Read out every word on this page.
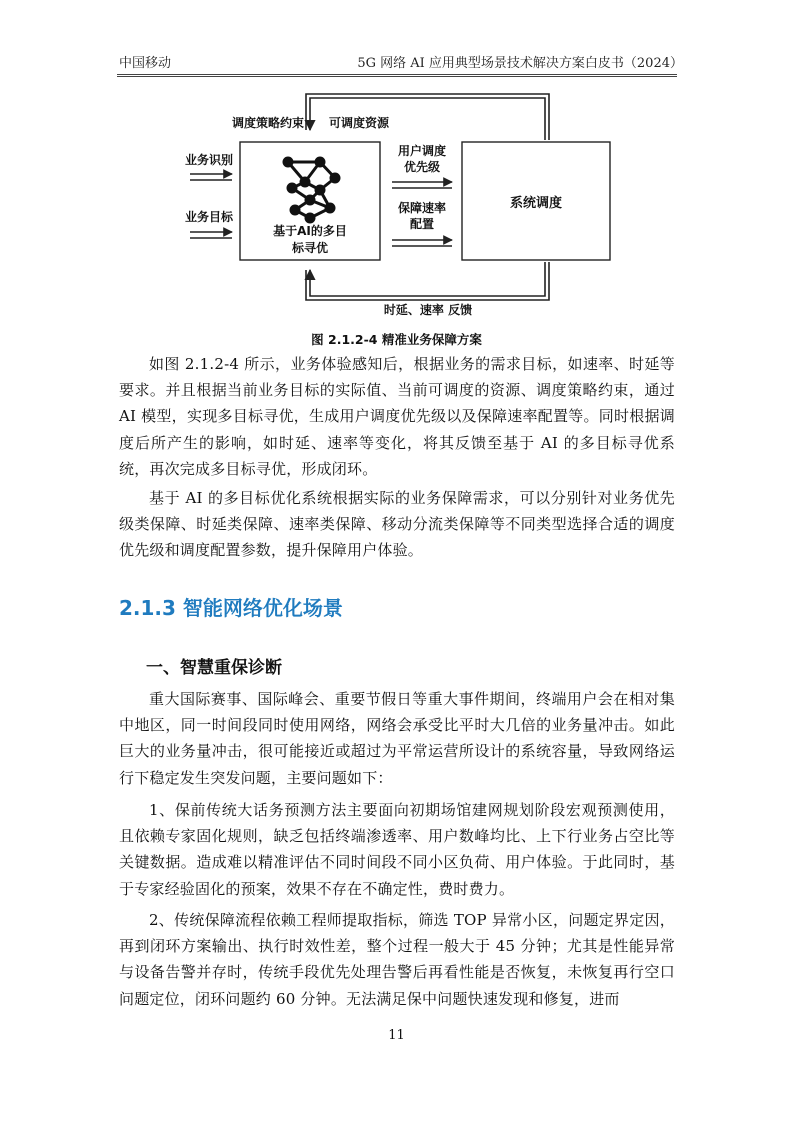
中国移动	5G 网络 AI 应用典型场景技术解决方案白皮书（2024）
调度策略约束 可调度资源
基于AI的多目
标寻优
业务识别
业务目标
用户调度
优先级
保障速率
配置
系统调度
时延、速率 反馈
图 2.1.2-4 精准业务保障方案

如图 2.1.2-4 所示，业务体验感知后，根据业务的需求目标，如速率、时延等要求。并且根据当前业务目标的实际值、当前可调度的资源、调度策略约束，通过 AI 模型，实现多目标寻优，生成用户调度优先级以及保障速率配置等。同时根据调度后所产生的影响，如时延、速率等变化，将其反馈至基于 AI 的多目标寻优系统，再次完成多目标寻优，形成闭环。

基于 AI 的多目标优化系统根据实际的业务保障需求，可以分别针对业务优先级类保障、时延类保障、速率类保障、移动分流类保障等不同类型选择合适的调度优先级和调度配置参数，提升保障用户体验。

2.1.3 智能网络优化场景
一、智慧重保诊断

重大国际赛事、国际峰会、重要节假日等重大事件期间，终端用户会在相对集中地区，同一时间段同时使用网络，网络会承受比平时大几倍的业务量冲击。如此巨大的业务量冲击，很可能接近或超过为平常运营所设计的系统容量，导致网络运行下稳定发生突发问题，主要问题如下：

1、保前传统大话务预测方法主要面向初期场馆建网规划阶段宏观预测使用，且依赖专家固化规则，缺乏包括终端渗透率、用户数峰均比、上下行业务占空比等关键数据。造成难以精准评估不同时间段不同小区负荷、用户体验。于此同时，基于专家经验固化的预案，效果不存在不确定性，费时费力。

2、传统保障流程依赖工程师提取指标，筛选 TOP 异常小区，问题定界定因，再到闭环方案输出、执行时效性差，整个过程一般大于 45 分钟；尤其是性能异常与设备告警并存时，传统手段优先处理告警后再看性能是否恢复，未恢复再行空口问题定位，闭环问题约 60 分钟。无法满足保中问题快速发现和修复，进而

11
